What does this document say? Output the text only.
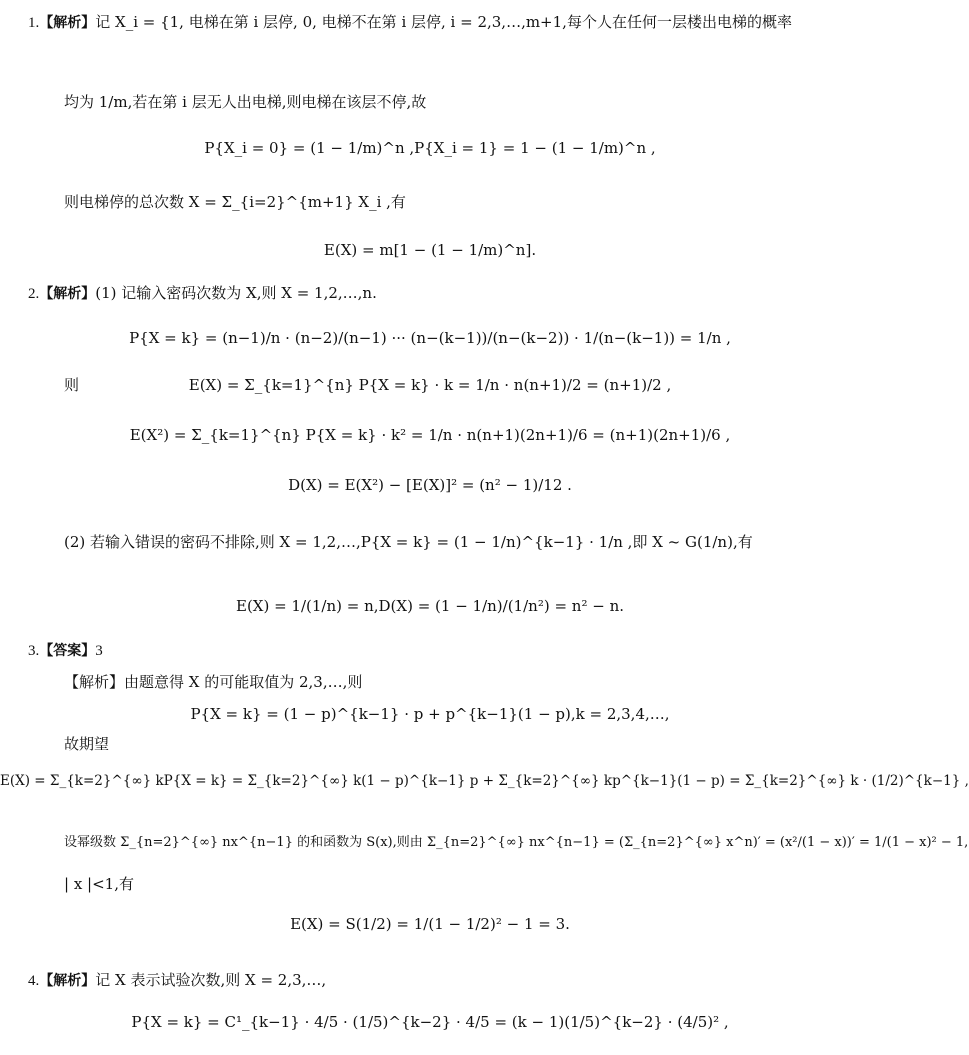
1.【解析】记 X_i = {1, 电梯在第 i 层停, 0, 电梯不在第 i 层停, i = 2,3,…,m+1,每个人在任何一层楼出电梯的概率
均为 1/m,若在第 i 层无人出电梯,则电梯在该层不停,故
P{X_i = 0} = (1 − 1/m)^n ,P{X_i = 1} = 1 − (1 − 1/m)^n ,
则电梯停的总次数 X = Σ_{i=2}^{m+1} X_i ,有
E(X) = m[1 − (1 − 1/m)^n].
2.【解析】(1) 记输入密码次数为 X,则 X = 1,2,…,n.
P{X = k} = (n−1)/n · (n−2)/(n−1) ··· (n−(k−1))/(n−(k−2)) · 1/(n−(k−1)) = 1/n ,
则	E(X) = Σ_{k=1}^{n} P{X = k} · k = 1/n · n(n+1)/2 = (n+1)/2 ,
E(X²) = Σ_{k=1}^{n} P{X = k} · k² = 1/n · n(n+1)(2n+1)/6 = (n+1)(2n+1)/6 ,
D(X) = E(X²) − [E(X)]² = (n² − 1)/12 .
(2) 若输入错误的密码不排除,则 X = 1,2,…,P{X = k} = (1 − 1/n)^{k−1} · 1/n ,即 X ~ G(1/n),有
E(X) = 1/(1/n) = n,D(X) = (1 − 1/n)/(1/n²) = n² − n.
3.【答案】3
【解析】由题意得 X 的可能取值为 2,3,…,则
P{X = k} = (1 − p)^{k−1} · p + p^{k−1}(1 − p),k = 2,3,4,…,
故期望
E(X) = Σ_{k=2}^{∞} kP{X = k} = Σ_{k=2}^{∞} k(1 − p)^{k−1} p + Σ_{k=2}^{∞} kp^{k−1}(1 − p) = Σ_{k=2}^{∞} k · (1/2)^{k−1} ,
设幂级数 Σ_{n=2}^{∞} nx^{n−1} 的和函数为 S(x),则由 Σ_{n=2}^{∞} nx^{n−1} = (Σ_{n=2}^{∞} x^n)′ = (x²/(1 − x))′ = 1/(1 − x)² − 1,
| x |<1,有
E(X) = S(1/2) = 1/(1 − 1/2)² − 1 = 3.
4.【解析】记 X 表示试验次数,则 X = 2,3,…,
P{X = k} = C¹_{k−1} · 4/5 · (1/5)^{k−2} · 4/5 = (k − 1)(1/5)^{k−2} · (4/5)² ,
